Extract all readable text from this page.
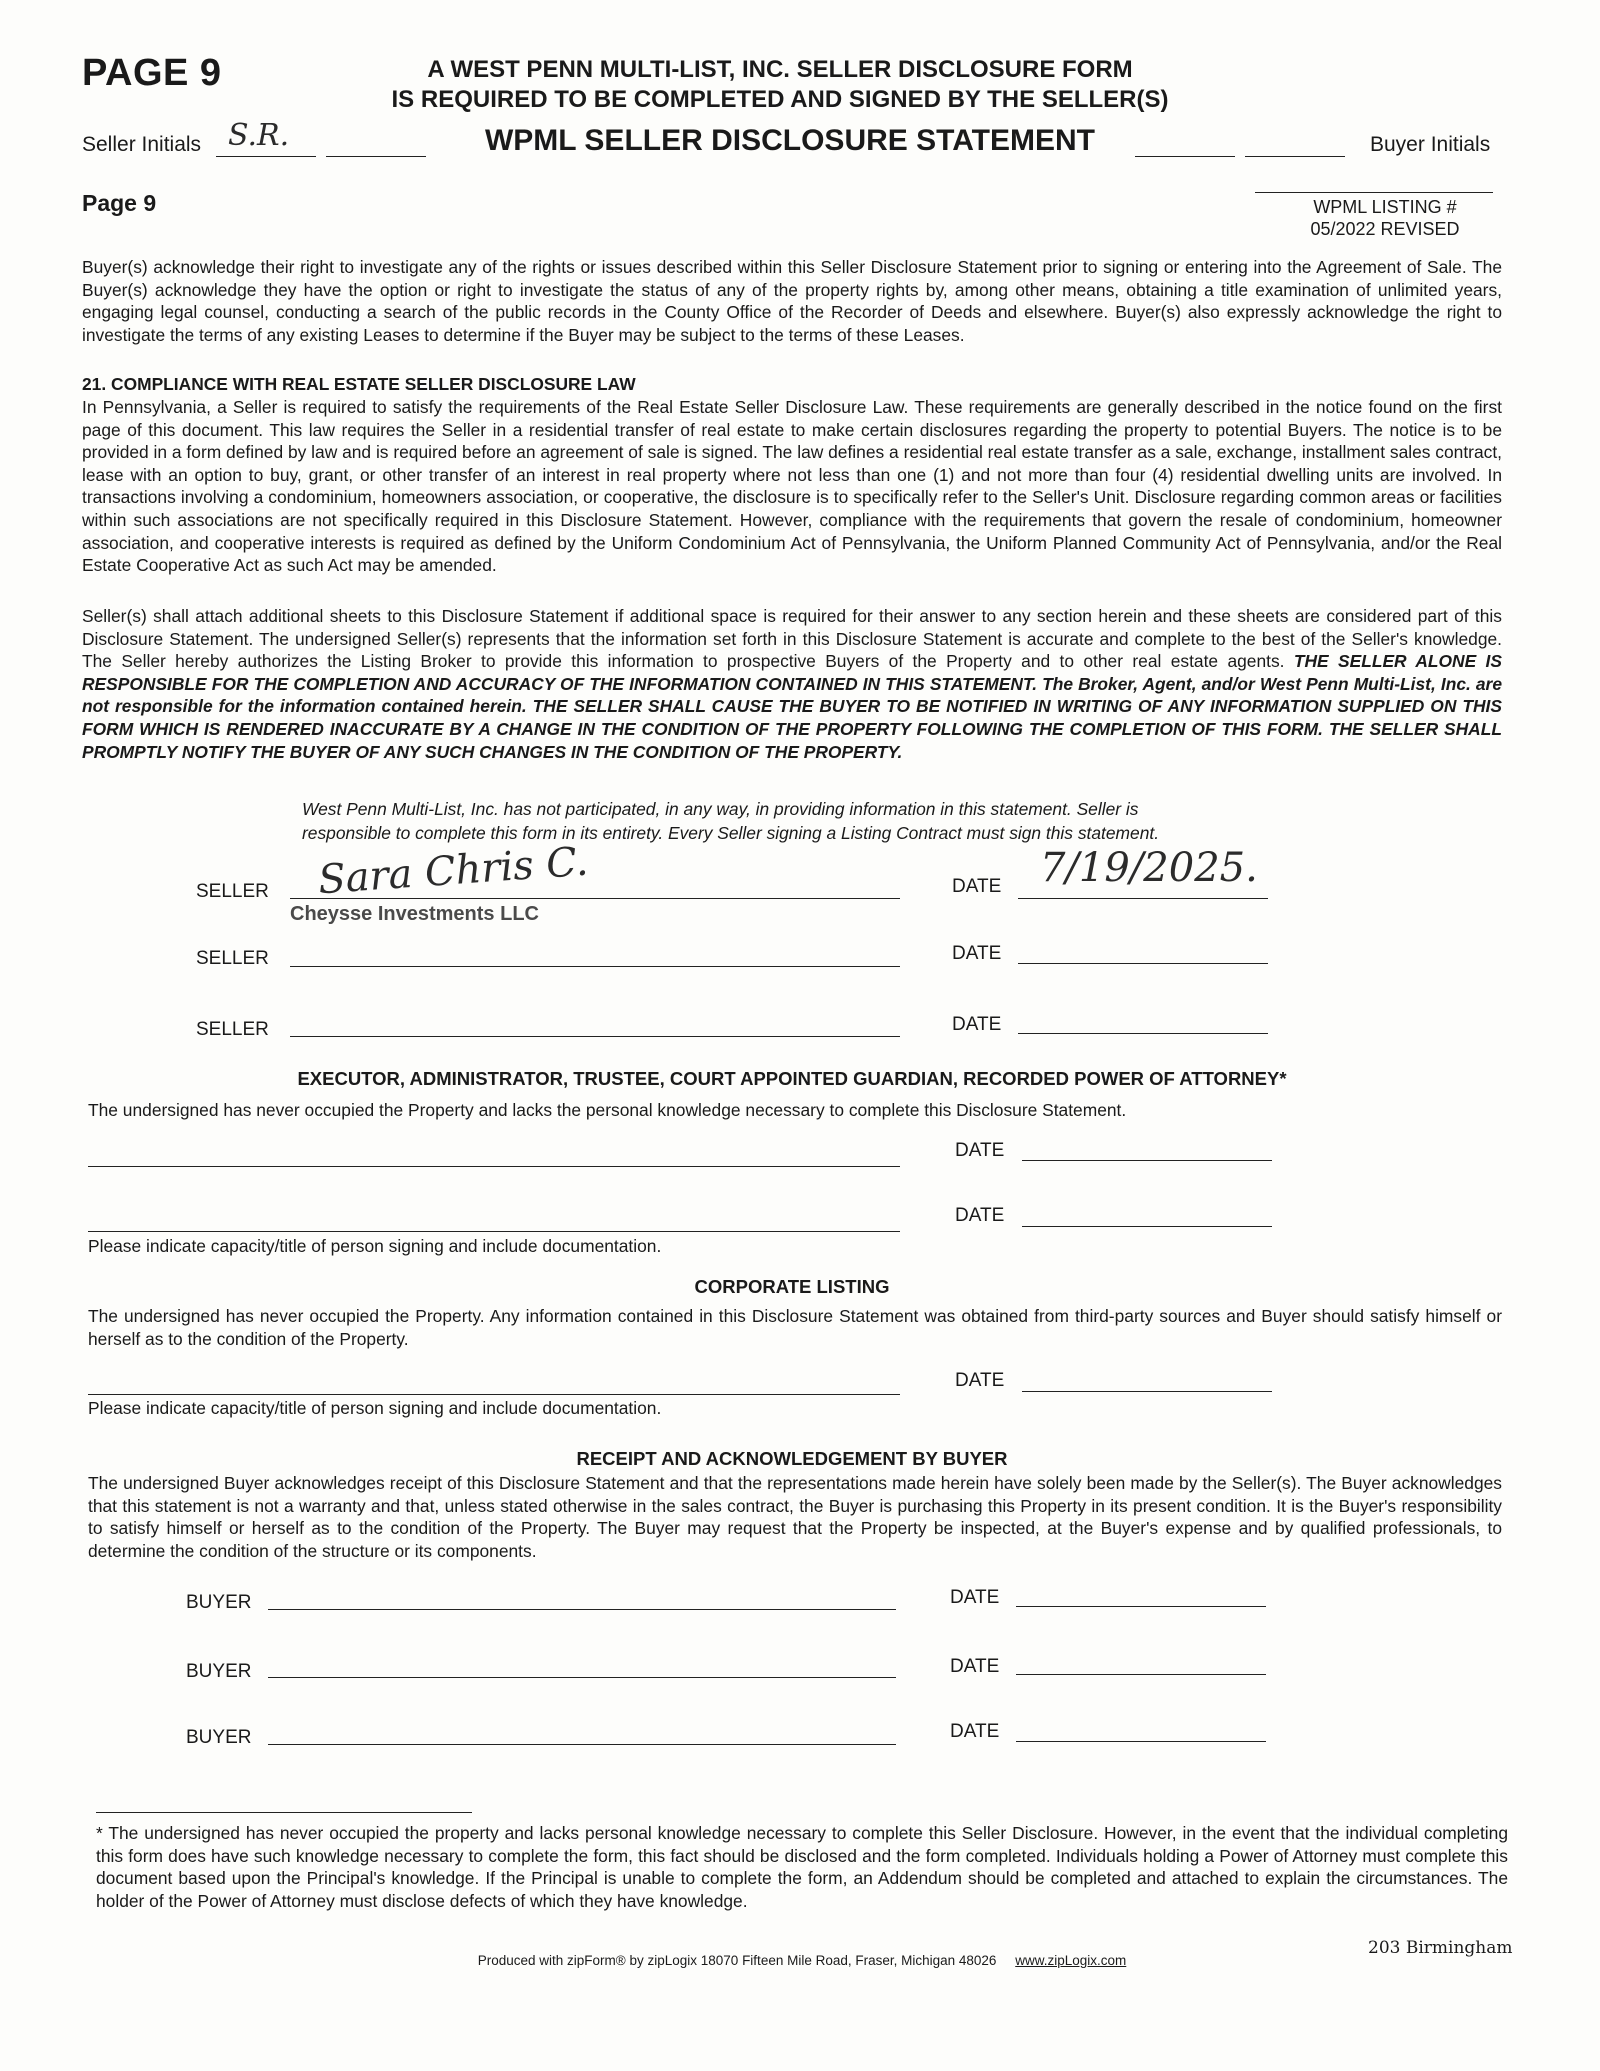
PAGE 9	A WEST PENN MULTI-LIST, INC. SELLER DISCLOSURE FORM
IS REQUIRED TO BE COMPLETED AND SIGNED BY THE SELLER(S)
WPML SELLER DISCLOSURE STATEMENT
Seller Initials S.R.	Buyer Initials
Page 9	WPML LISTING #
05/2022 REVISED

Buyer(s) acknowledge their right to investigate any of the rights or issues described within this Seller Disclosure Statement prior to signing or entering into the Agreement of Sale. The Buyer(s) acknowledge they have the option or right to investigate the status of any of the property rights by, among other means, obtaining a title examination of unlimited years, engaging legal counsel, conducting a search of the public records in the County Office of the Recorder of Deeds and elsewhere. Buyer(s) also expressly acknowledge the right to investigate the terms of any existing Leases to determine if the Buyer may be subject to the terms of these Leases.

21. COMPLIANCE WITH REAL ESTATE SELLER DISCLOSURE LAW

In Pennsylvania, a Seller is required to satisfy the requirements of the Real Estate Seller Disclosure Law. These requirements are generally described in the notice found on the first page of this document. This law requires the Seller in a residential transfer of real estate to make certain disclosures regarding the property to potential Buyers. The notice is to be provided in a form defined by law and is required before an agreement of sale is signed. The law defines a residential real estate transfer as a sale, exchange, installment sales contract, lease with an option to buy, grant, or other transfer of an interest in real property where not less than one (1) and not more than four (4) residential dwelling units are involved. In transactions involving a condominium, homeowners association, or cooperative, the disclosure is to specifically refer to the Seller's Unit. Disclosure regarding common areas or facilities within such associations are not specifically required in this Disclosure Statement. However, compliance with the requirements that govern the resale of condominium, homeowner association, and cooperative interests is required as defined by the Uniform Condominium Act of Pennsylvania, the Uniform Planned Community Act of Pennsylvania, and/or the Real Estate Cooperative Act as such Act may be amended.

Seller(s) shall attach additional sheets to this Disclosure Statement if additional space is required for their answer to any section herein and these sheets are considered part of this Disclosure Statement. The undersigned Seller(s) represents that the information set forth in this Disclosure Statement is accurate and complete to the best of the Seller's knowledge. The Seller hereby authorizes the Listing Broker to provide this information to prospective Buyers of the Property and to other real estate agents. THE SELLER ALONE IS RESPONSIBLE FOR THE COMPLETION AND ACCURACY OF THE INFORMATION CONTAINED IN THIS STATEMENT. The Broker, Agent, and/or West Penn Multi-List, Inc. are not responsible for the information contained herein. THE SELLER SHALL CAUSE THE BUYER TO BE NOTIFIED IN WRITING OF ANY INFORMATION SUPPLIED ON THIS FORM WHICH IS RENDERED INACCURATE BY A CHANGE IN THE CONDITION OF THE PROPERTY FOLLOWING THE COMPLETION OF THIS FORM. THE SELLER SHALL PROMPTLY NOTIFY THE BUYER OF ANY SUCH CHANGES IN THE CONDITION OF THE PROPERTY.

West Penn Multi-List, Inc. has not participated, in any way, in providing information in this statement. Seller is
responsible to complete this form in its entirety. Every Seller signing a Listing Contract must sign this statement.
SELLER Sara Chris C.
Cheysse Investments LLC
DATE 7/19/2025.
SELLER	DATE
SELLER	DATE
EXECUTOR, ADMINISTRATOR, TRUSTEE, COURT APPOINTED GUARDIAN, RECORDED POWER OF ATTORNEY*
The undersigned has never occupied the Property and lacks the personal knowledge necessary to complete this Disclosure Statement.
DATE
DATE
Please indicate capacity/title of person signing and include documentation.
CORPORATE LISTING

The undersigned has never occupied the Property. Any information contained in this Disclosure Statement was obtained from third-party sources and Buyer should satisfy himself or herself as to the condition of the Property.

DATE
Please indicate capacity/title of person signing and include documentation.
RECEIPT AND ACKNOWLEDGEMENT BY BUYER

The undersigned Buyer acknowledges receipt of this Disclosure Statement and that the representations made herein have solely been made by the Seller(s). The Buyer acknowledges that this statement is not a warranty and that, unless stated otherwise in the sales contract, the Buyer is purchasing this Property in its present condition. It is the Buyer's responsibility to satisfy himself or herself as to the condition of the Property. The Buyer may request that the Property be inspected, at the Buyer's expense and by qualified professionals, to determine the condition of the structure or its components.

BUYER	DATE
BUYER	DATE
BUYER	DATE

* The undersigned has never occupied the property and lacks personal knowledge necessary to complete this Seller Disclosure. However, in the event that the individual completing this form does have such knowledge necessary to complete the form, this fact should be disclosed and the form completed. Individuals holding a Power of Attorney must complete this document based upon the Principal's knowledge. If the Principal is unable to complete the form, an Addendum should be completed and attached to explain the circumstances. The holder of the Power of Attorney must disclose defects of which they have knowledge.

Produced with zipForm® by zipLogix 18070 Fifteen Mile Road, Fraser, Michigan 48026 www.zipLogix.com
203 Birmingham
